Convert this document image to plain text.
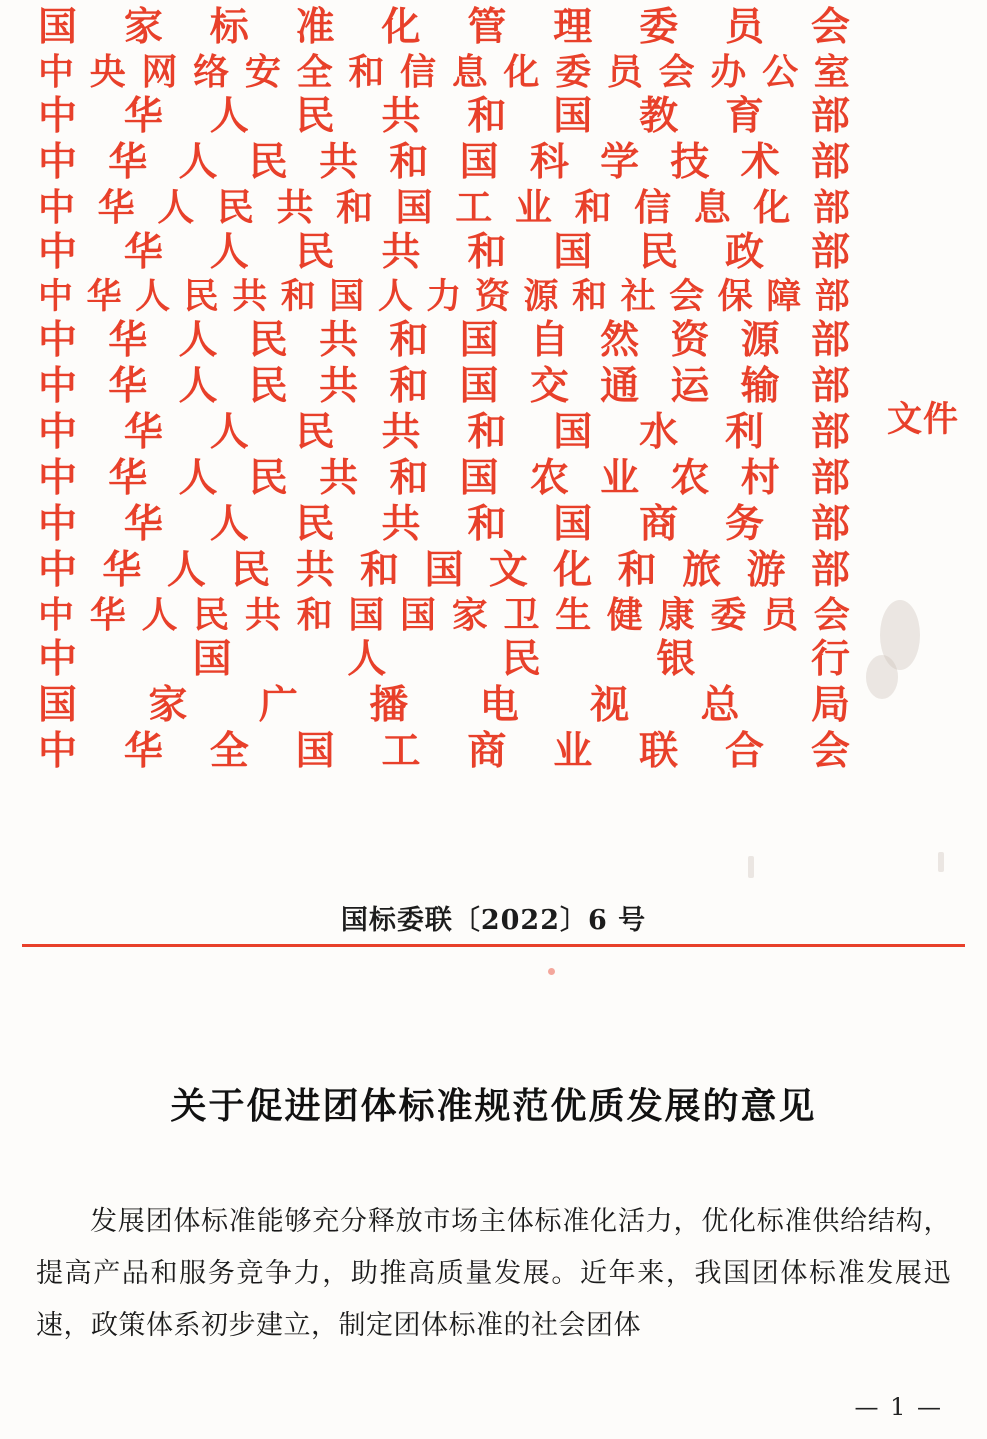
国 家 标 准 化 管 理 委 员 会
中 央 网 络 安 全 和 信 息 化 委 员 会 办 公 室
中 华 人 民 共 和 国 教 育 部
中 华 人 民 共 和 国 科 学 技 术 部
中 华 人 民 共 和 国 工 业 和 信 息 化 部
中 华 人 民 共 和 国 民 政 部
中 华 人 民 共 和 国 人 力 资 源 和 社 会 保 障 部
中 华 人 民 共 和 国 自 然 资 源 部
中 华 人 民 共 和 国 交 通 运 输 部
中 华 人 民 共 和 国 水 利 部
中 华 人 民 共 和 国 农 业 农 村 部
中 华 人 民 共 和 国 商 务 部
中 华 人 民 共 和 国 文 化 和 旅 游 部
中 华 人 民 共 和 国 国 家 卫 生 健 康 委 员 会
中	国	人	民	银	行
国 家 广 播 电 视 总 局
中 华 全 国 工 商 业 联 合 会
文件
国标委联〔2022〕6 号
关于促进团体标准规范优质发展的意见

发展团体标准能够充分释放市场主体标准化活力，优化标准供给结构，提高产品和服务竞争力，助推高质量发展。近年来，我国团体标准发展迅速，政策体系初步建立，制定团体标准的社会团体

— 1 —
